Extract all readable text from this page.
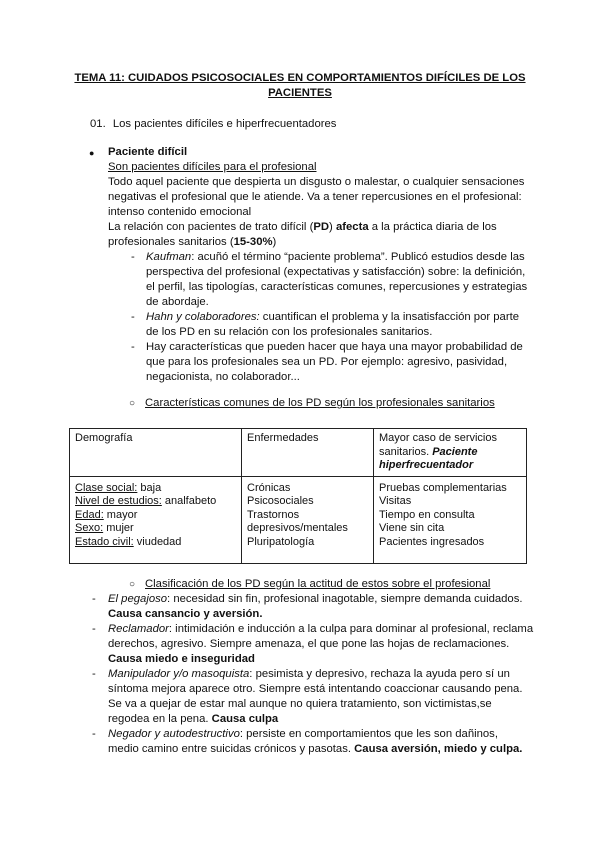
TEMA 11: CUIDADOS PSICOSOCIALES EN COMPORTAMIENTOS DIFÍCILES DE LOS
PACIENTES
01. Los pacientes difíciles e hiperfrecuentadores
● Paciente difícil
Son pacientes difíciles para el profesional
Todo aquel paciente que despierta un disgusto o malestar, o cualquier sensaciones
negativas el profesional que le atiende. Va a tener repercusiones en el profesional:
intenso contenido emocional
La relación con pacientes de trato difícil (PD) afecta a la práctica diaria de los
profesionales sanitarios (15-30%)
- Kaufman: acuñó el término “paciente problema”. Publicó estudios desde las
perspectiva del profesional (expectativas y satisfacción) sobre: la definición,
el perfil, las tipologías, características comunes, repercusiones y estrategias
de abordaje.
- Hahn y colaboradores: cuantifican el problema y la insatisfacción por parte
de los PD en su relación con los profesionales sanitarios.
- Hay características que pueden hacer que haya una mayor probabilidad de
que para los profesionales sea un PD. Por ejemplo: agresivo, pasividad,
negacionista, no colaborador...
○ Características comunes de los PD según los profesionales sanitarios
Demografía	Enfermedades	Mayor caso de servicios
sanitarios. Paciente
hiperfrecuentador

Clase social: baja
Nivel de estudios: analfabeto
Edad: mayor
Sexo: mujer
Estado civil: viudedad	Crónicas
Psicosociales
Trastornos
depresivos/mentales
Pluripatología	Pruebas complementarias
Visitas
Tiempo en consulta
Viene sin cita
Pacientes ingresados
○ Clasificación de los PD según la actitud de estos sobre el profesional
- El pegajoso: necesidad sin fin, profesional inagotable, siempre demanda cuidados.
Causa cansancio y aversión.
- Reclamador: intimidación e inducción a la culpa para dominar al profesional, reclama
derechos, agresivo. Siempre amenaza, el que pone las hojas de reclamaciones.
Causa miedo e inseguridad
- Manipulador y/o masoquista: pesimista y depresivo, rechaza la ayuda pero sí un
síntoma mejora aparece otro. Siempre está intentando coaccionar causando pena.
Se va a quejar de estar mal aunque no quiera tratamiento, son victimistas,se
regodea en la pena. Causa culpa
- Negador y autodestructivo: persiste en comportamientos que les son dañinos,
medio camino entre suicidas crónicos y pasotas. Causa aversión, miedo y culpa.
